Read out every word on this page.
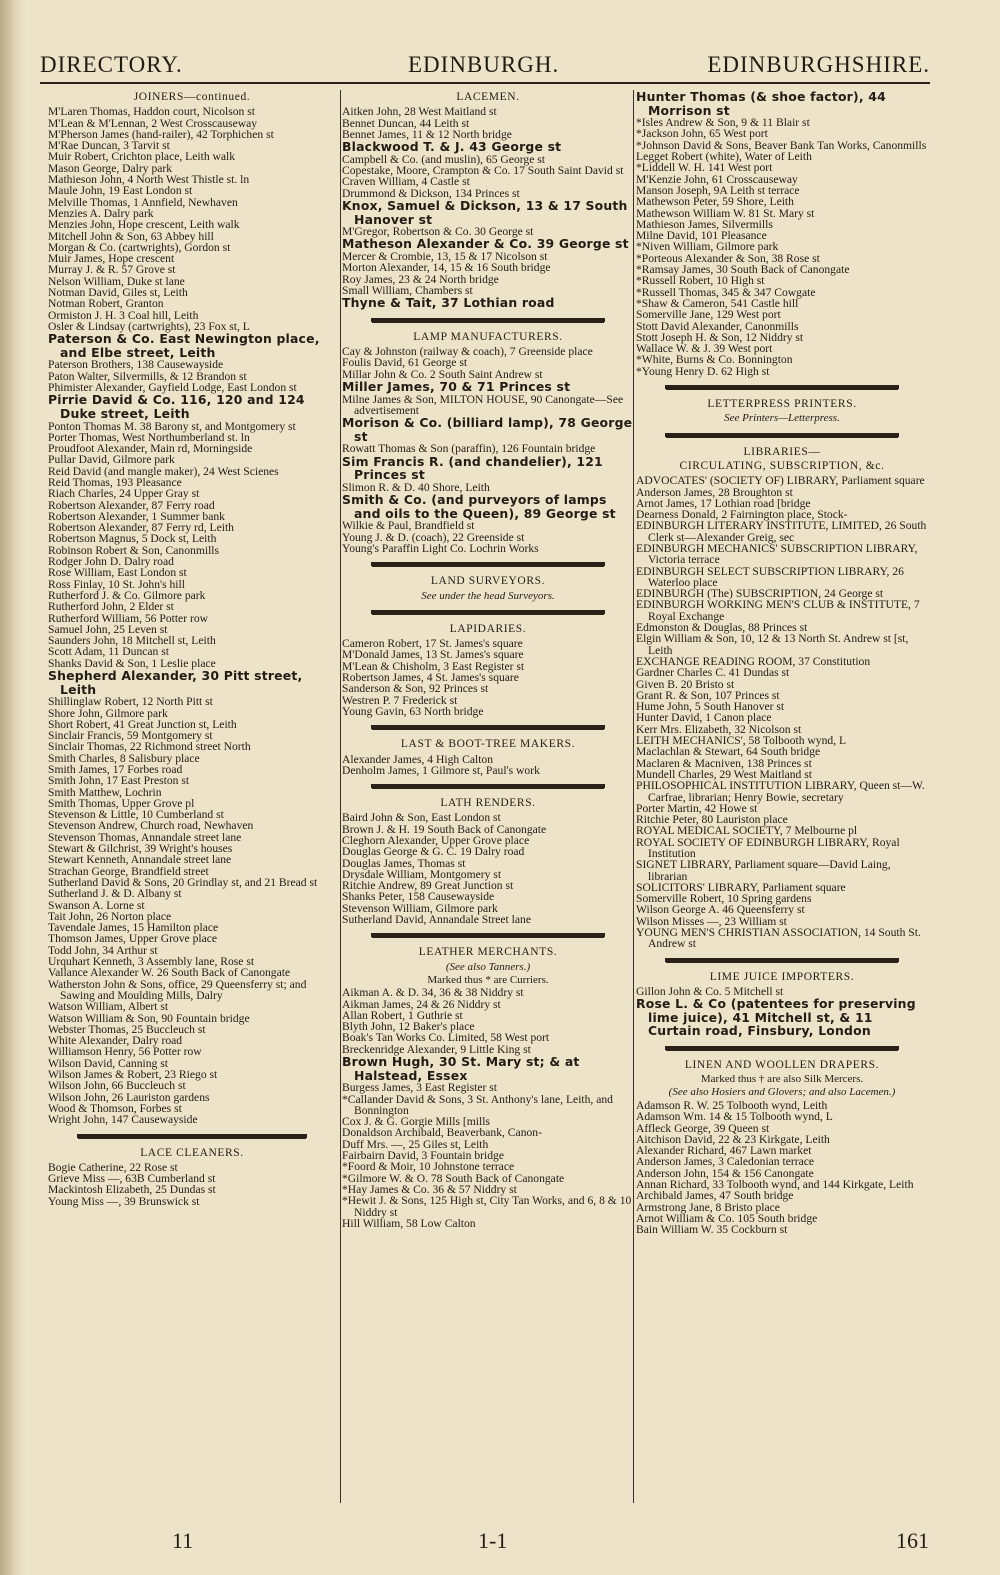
DIRECTORY.	EDINBURGH.	EDINBURGHSHIRE.
JOINERS—continued.
M'Laren Thomas, Haddon court, Nicolson st
M'Lean & M'Lennan, 2 West Crosscauseway
M'Pherson James (hand-railer), 42 Torphichen st
M'Rae Duncan, 3 Tarvit st
Muir Robert, Crichton place, Leith walk
Mason George, Dalry park
Mathieson John, 4 North West Thistle st. ln
Maule John, 19 East London st
Melville Thomas, 1 Annfield, Newhaven
Menzies A. Dalry park
Menzies John, Hope crescent, Leith walk
Mitchell John & Son, 63 Abbey hill
Morgan & Co. (cartwrights), Gordon st
Muir James, Hope crescent
Murray J. & R. 57 Grove st
Nelson William, Duke st lane
Notman David, Giles st, Leith
Notman Robert, Granton
Ormiston J. H. 3 Coal hill, Leith
Osler & Lindsay (cartwrights), 23 Fox st, L
Paterson & Co. East Newington place, and Elbe street, Leith
Paterson Brothers, 138 Causewayside
Paton Walter, Silvermills, & 12 Brandon st
Phimister Alexander, Gayfield Lodge, East London st
Pirrie David & Co. 116, 120 and 124 Duke street, Leith
Ponton Thomas M. 38 Barony st, and Montgomery st
Porter Thomas, West Northumberland st. ln
Proudfoot Alexander, Main rd, Morningside
Pullar David, Gilmore park
Reid David (and mangle maker), 24 West Scienes
Reid Thomas, 193 Pleasance
Riach Charles, 24 Upper Gray st
Robertson Alexander, 87 Ferry road
Robertson Alexander, 1 Summer bank
Robertson Alexander, 87 Ferry rd, Leith
Robertson Magnus, 5 Dock st, Leith
Robinson Robert & Son, Canonmills
Rodger John D. Dalry road
Rose William, East London st
Ross Finlay, 10 St. John's hill
Rutherford J. & Co. Gilmore park
Rutherford John, 2 Elder st
Rutherford William, 56 Potter row
Samuel John, 25 Leven st
Saunders John, 18 Mitchell st, Leith
Scott Adam, 11 Duncan st
Shanks David & Son, 1 Leslie place
Shepherd Alexander, 30 Pitt street, Leith
Shillinglaw Robert, 12 North Pitt st
Shore John, Gilmore park
Short Robert, 41 Great Junction st, Leith
Sinclair Francis, 59 Montgomery st
Sinclair Thomas, 22 Richmond street North
Smith Charles, 8 Salisbury place
Smith James, 17 Forbes road
Smith John, 17 East Preston st
Smith Matthew, Lochrin
Smith Thomas, Upper Grove pl
Stevenson & Little, 10 Cumberland st
Stevenson Andrew, Church road, Newhaven
Stevenson Thomas, Annandale street lane
Stewart & Gilchrist, 39 Wright's houses
Stewart Kenneth, Annandale street lane
Strachan George, Brandfield street
Sutherland David & Sons, 20 Grindlay st, and 21 Bread st
Sutherland J. & D. Albany st
Swanson A. Lorne st
Tait John, 26 Norton place
Tavendale James, 15 Hamilton place
Thomson James, Upper Grove place
Todd John, 34 Arthur st
Urquhart Kenneth, 3 Assembly lane, Rose st
Vallance Alexander W. 26 South Back of Canongate
Watherston John & Sons, office, 29 Queensferry st; and Sawing and Moulding Mills, Dalry
Watson William, Albert st
Watson William & Son, 90 Fountain bridge
Webster Thomas, 25 Buccleuch st
White Alexander, Dalry road
Williamson Henry, 56 Potter row
Wilson David, Canning st
Wilson James & Robert, 23 Riego st
Wilson John, 66 Buccleuch st
Wilson John, 26 Lauriston gardens
Wood & Thomson, Forbes st
Wright John, 147 Causewayside
LACE CLEANERS.
Bogie Catherine, 22 Rose st
Grieve Miss —, 63B Cumberland st
Mackintosh Elizabeth, 25 Dundas st
Young Miss —, 39 Brunswick st
LACEMEN.
Aitken John, 28 West Maitland st
Bennet Duncan, 44 Leith st
Bennet James, 11 & 12 North bridge
Blackwood T. & J. 43 George st
Campbell & Co. (and muslin), 65 George st
Copestake, Moore, Crampton & Co. 17 South Saint David st
Craven William, 4 Castle st
Drummond & Dickson, 134 Princes st
Knox, Samuel & Dickson, 13 & 17 South Hanover st
M'Gregor, Robertson & Co. 30 George st
Matheson Alexander & Co. 39 George st
Mercer & Crombie, 13, 15 & 17 Nicolson st
Morton Alexander, 14, 15 & 16 South bridge
Roy James, 23 & 24 North bridge
Small William, Chambers st
Thyne & Tait, 37 Lothian road
LAMP MANUFACTURERS.
Cay & Johnston (railway & coach), 7 Greenside place
Foulis David, 61 George st
Millar John & Co. 2 South Saint Andrew st
Miller James, 70 & 71 Princes st
Milne James & Son, MILTON HOUSE, 90 Canongate—See advertisement
Morison & Co. (billiard lamp), 78 George st
Rowatt Thomas & Son (paraffin), 126 Fountain bridge
Sim Francis R. (and chandelier), 121 Princes st
Slimon R. & D. 40 Shore, Leith
Smith & Co. (and purveyors of lamps and oils to the Queen), 89 George st
Wilkie & Paul, Brandfield st
Young J. & D. (coach), 22 Greenside st
Young's Paraffin Light Co. Lochrin Works
LAND SURVEYORS.
See under the head Surveyors.
LAPIDARIES.
Cameron Robert, 17 St. James's square
M'Donald James, 13 St. James's square
M'Lean & Chisholm, 3 East Register st
Robertson James, 4 St. James's square
Sanderson & Son, 92 Princes st
Westren P. 7 Frederick st
Young Gavin, 63 North bridge
LAST & BOOT-TREE MAKERS.
Alexander James, 4 High Calton
Denholm James, 1 Gilmore st, Paul's work
LATH RENDERS.
Baird John & Son, East London st
Brown J. & H. 19 South Back of Canongate
Cleghorn Alexander, Upper Grove place
Douglas George & G. C. 19 Dalry road
Douglas James, Thomas st
Drysdale William, Montgomery st
Ritchie Andrew, 89 Great Junction st
Shanks Peter, 158 Causewayside
Stevenson William, Gilmore park
Sutherland David, Annandale Street lane
LEATHER MERCHANTS.
(See also Tanners.)
Marked thus * are Curriers.
Aikman A. & D. 34, 36 & 38 Niddry st
Aikman James, 24 & 26 Niddry st
Allan Robert, 1 Guthrie st
Blyth John, 12 Baker's place
Boak's Tan Works Co. Limited, 58 West port
Breckenridge Alexander, 9 Little King st
Brown Hugh, 30 St. Mary st; & at Halstead, Essex
Burgess James, 3 East Register st
*Callander David & Sons, 3 St. Anthony's lane, Leith, and Bonnington
Cox J. & G. Gorgie Mills [mills
Donaldson Archibald, Beaverbank, Canon-
Duff Mrs. —, 25 Giles st, Leith
Fairbairn David, 3 Fountain bridge
*Foord & Moir, 10 Johnstone terrace
*Gilmore W. & O. 78 South Back of Canongate
*Hay James & Co. 36 & 57 Niddry st
*Hewit J. & Sons, 125 High st, City Tan Works, and 6, 8 & 10 Niddry st
Hill William, 58 Low Calton
Hunter Thomas (& shoe factor), 44 Morrison st
*Isles Andrew & Son, 9 & 11 Blair st
*Jackson John, 65 West port
*Johnson David & Sons, Beaver Bank Tan Works, Canonmills
Legget Robert (white), Water of Leith
*Liddell W. H. 141 West port
M'Kenzie John, 61 Crosscauseway
Manson Joseph, 9A Leith st terrace
Mathewson Peter, 59 Shore, Leith
Mathewson William W. 81 St. Mary st
Mathieson James, Silvermills
Milne David, 101 Pleasance
*Niven William, Gilmore park
*Porteous Alexander & Son, 38 Rose st
*Ramsay James, 30 South Back of Canongate
*Russell Robert, 10 High st
*Russell Thomas, 345 & 347 Cowgate
*Shaw & Cameron, 541 Castle hill
Somerville Jane, 129 West port
Stott David Alexander, Canonmills
Stott Joseph H. & Son, 12 Niddry st
Wallace W. & J. 39 West port
*White, Burns & Co. Bonnington
*Young Henry D. 62 High st
LETTERPRESS PRINTERS.
See Printers—Letterpress.
LIBRARIES—
CIRCULATING, SUBSCRIPTION, &c.
ADVOCATES' (SOCIETY OF) LIBRARY, Parliament square
Anderson James, 28 Broughton st
Arnot James, 17 Lothian road [bridge
Dearness Donald, 2 Fairnington place, Stock-
EDINBURGH LITERARY INSTITUTE, LIMITED, 26 South Clerk st—Alexander Greig, sec
EDINBURGH MECHANICS' SUBSCRIPTION LIBRARY, Victoria terrace
EDINBURGH SELECT SUBSCRIPTION LIBRARY, 26 Waterloo place
EDINBURGH (The) SUBSCRIPTION, 24 George st
EDINBURGH WORKING MEN'S CLUB & INSTITUTE, 7 Royal Exchange
Edmonston & Douglas, 88 Princes st
Elgin William & Son, 10, 12 & 13 North St. Andrew st [st, Leith
EXCHANGE READING ROOM, 37 Constitution
Gardner Charles C. 41 Dundas st
Given B. 20 Bristo st
Grant R. & Son, 107 Princes st
Hume John, 5 South Hanover st
Hunter David, 1 Canon place
Kerr Mrs. Elizabeth, 32 Nicolson st
LEITH MECHANICS', 58 Tolbooth wynd, L
Maclachlan & Stewart, 64 South bridge
Maclaren & Macniven, 138 Princes st
Mundell Charles, 29 West Maitland st
PHILOSOPHICAL INSTITUTION LIBRARY, Queen st—W. Carfrae, librarian; Henry Bowie, secretary
Porter Martin, 42 Howe st
Ritchie Peter, 80 Lauriston place
ROYAL MEDICAL SOCIETY, 7 Melbourne pl
ROYAL SOCIETY OF EDINBURGH LIBRARY, Royal Institution
SIGNET LIBRARY, Parliament square—David Laing, librarian
SOLICITORS' LIBRARY, Parliament square
Somerville Robert, 10 Spring gardens
Wilson George A. 46 Queensferry st
Wilson Misses —, 23 William st
YOUNG MEN'S CHRISTIAN ASSOCIATION, 14 South St. Andrew st
LIME JUICE IMPORTERS.
Gillon John & Co. 5 Mitchell st
Rose L. & Co (patentees for preserving lime juice), 41 Mitchell st, & 11 Curtain road, Finsbury, London
LINEN AND WOOLLEN DRAPERS.
Marked thus † are also Silk Mercers.
(See also Hosiers and Glovers; and also Lacemen.)
Adamson R. W. 25 Tolbooth wynd, Leith
Adamson Wm. 14 & 15 Tolbooth wynd, L
Affleck George, 39 Queen st
Aitchison David, 22 & 23 Kirkgate, Leith
Alexander Richard, 467 Lawn market
Anderson James, 3 Caledonian terrace
Anderson John, 154 & 156 Canongate
Annan Richard, 33 Tolbooth wynd, and 144 Kirkgate, Leith
Archibald James, 47 South bridge
Armstrong Jane, 8 Bristo place
Arnot William & Co. 105 South bridge
Bain William W. 35 Cockburn st
11	1-1	161
